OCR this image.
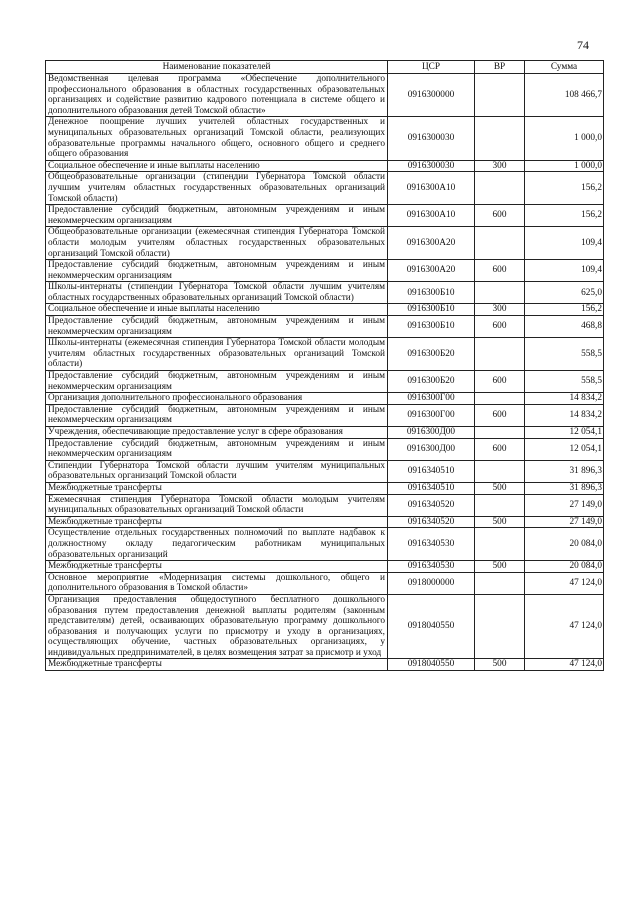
74
Наименование показателей	ЦСР	ВР	Сумма
Ведомственная целевая программа «Обеспечение дополнительного профессионального образования в областных государственных образовательных организациях и содействие развитию кадрового потенциала в системе общего и дополнительного образования детей Томской области»	0916300000		108 466,7
Денежное поощрение лучших учителей областных государственных и муниципальных образовательных организаций Томской области, реализующих образовательные программы начального общего, основного общего и среднего общего образования	0916300030		1 000,0
Социальное обеспечение и иные выплаты населению	0916300030	300	1 000,0
Общеобразовательные организации (стипендии Губернатора Томской области лучшим учителям областных государственных образовательных организаций Томской области)	0916300А10		156,2
Предоставление субсидий бюджетным, автономным учреждениям и иным некоммерческим организациям	0916300А10	600	156,2
Общеобразовательные организации (ежемесячная стипендия Губернатора Томской области молодым учителям областных государственных образовательных организаций Томской области)	0916300А20		109,4
Предоставление субсидий бюджетным, автономным учреждениям и иным некоммерческим организациям	0916300А20	600	109,4
Школы-интернаты (стипендии Губернатора Томской области лучшим учителям областных государственных образовательных организаций Томской области)	0916300Б10		625,0
Социальное обеспечение и иные выплаты населению	0916300Б10	300	156,2
Предоставление субсидий бюджетным, автономным учреждениям и иным некоммерческим организациям	0916300Б10	600	468,8
Школы-интернаты (ежемесячная стипендия Губернатора Томской области молодым учителям областных государственных образовательных организаций Томской области)	0916300Б20		558,5
Предоставление субсидий бюджетным, автономным учреждениям и иным некоммерческим организациям	0916300Б20	600	558,5
Организация дополнительного профессионального образования	0916300Г00		14 834,2
Предоставление субсидий бюджетным, автономным учреждениям и иным некоммерческим организациям	0916300Г00	600	14 834,2
Учреждения, обеспечивающие предоставление услуг в сфере образования	0916300Д00		12 054,1
Предоставление субсидий бюджетным, автономным учреждениям и иным некоммерческим организациям	0916300Д00	600	12 054,1
Стипендии Губернатора Томской области лучшим учителям муниципальных образовательных организаций Томской области	0916340510		31 896,3
Межбюджетные трансферты	0916340510	500	31 896,3
Ежемесячная стипендия Губернатора Томской области молодым учителям муниципальных образовательных организаций Томской области	0916340520		27 149,0
Межбюджетные трансферты	0916340520	500	27 149,0
Осуществление отдельных государственных полномочий по выплате надбавок к должностному окладу педагогическим работникам муниципальных образовательных организаций	0916340530		20 084,0
Межбюджетные трансферты	0916340530	500	20 084,0
Основное мероприятие «Модернизация системы дошкольного, общего и дополнительного образования в Томской области»	0918000000		47 124,0
Организация предоставления общедоступного бесплатного дошкольного образования путем предоставления денежной выплаты родителям (законным представителям) детей, осваивающих образовательную программу дошкольного образования и получающих услуги по присмотру и уходу в организациях, осуществляющих обучение, частных образовательных организациях, у индивидуальных предпринимателей, в целях возмещения затрат за присмотр и уход	0918040550		47 124,0
Межбюджетные трансферты	0918040550	500	47 124,0
